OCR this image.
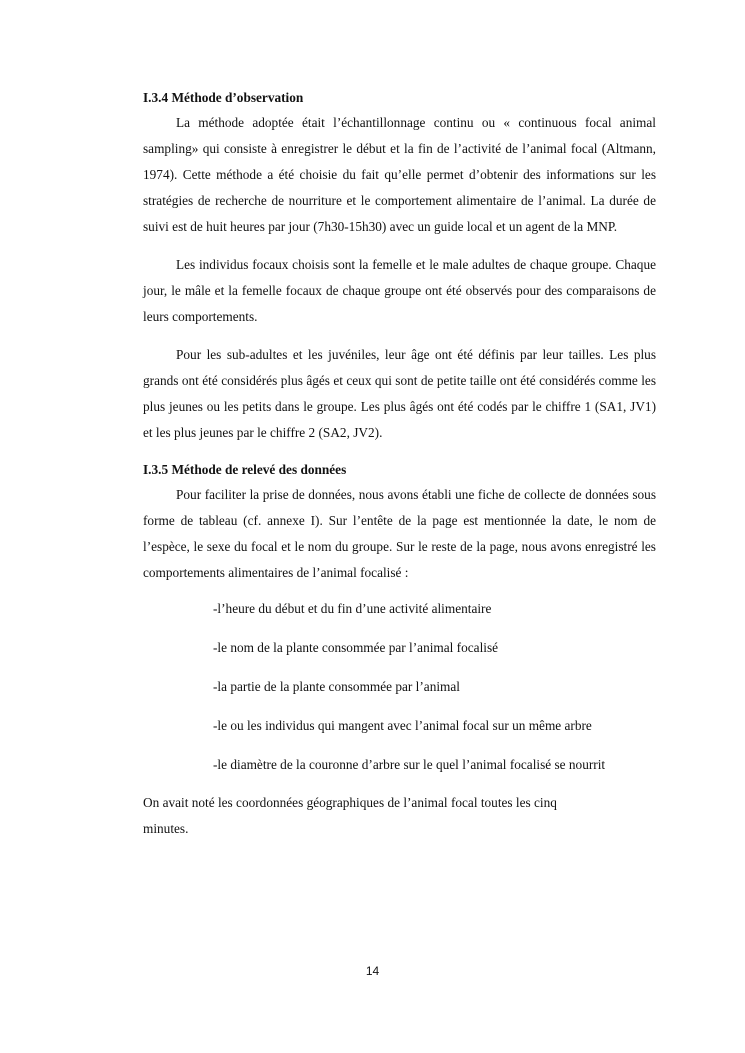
I.3.4 Méthode d’observation

La méthode adoptée était l’échantillonnage continu ou « continuous focal animal sampling» qui consiste à enregistrer le début et la fin de l’activité de l’animal focal (Altmann, 1974). Cette méthode a été choisie du fait qu’elle permet d’obtenir des informations sur les stratégies de recherche de nourriture et le comportement alimentaire de l’animal. La durée de suivi est de huit heures par jour (7h30-15h30) avec un guide local et un agent de la MNP.

Les individus focaux choisis sont la femelle et le male adultes de chaque groupe. Chaque jour, le mâle et la femelle focaux de chaque groupe ont été observés pour des comparaisons de leurs comportements.

Pour les sub-adultes et les juvéniles, leur âge ont été définis par leur tailles. Les plus grands ont été considérés plus âgés et ceux qui sont de petite taille ont été considérés comme les plus jeunes ou les petits dans le groupe. Les plus âgés ont été codés par le chiffre 1 (SA1, JV1) et les plus jeunes par le chiffre 2 (SA2, JV2).

I.3.5 Méthode de relevé des données

Pour faciliter la prise de données, nous avons établi une fiche de collecte de données sous forme de tableau (cf. annexe I). Sur l’entête de la page est mentionnée la date, le nom de l’espèce, le sexe du focal et le nom du groupe. Sur le reste de la page, nous avons enregistré les comportements alimentaires de l’animal focalisé :

-l’heure du début et du fin d’une activité alimentaire
-le nom de la plante consommée par l’animal focalisé
-la partie de la plante consommée par l’animal
-le ou les individus qui mangent avec l’animal focal sur un même arbre
-le diamètre de la couronne d’arbre sur le quel l’animal focalisé se nourrit

On avait noté les coordonnées géographiques de l’animal focal toutes les cinq

minutes.

14
